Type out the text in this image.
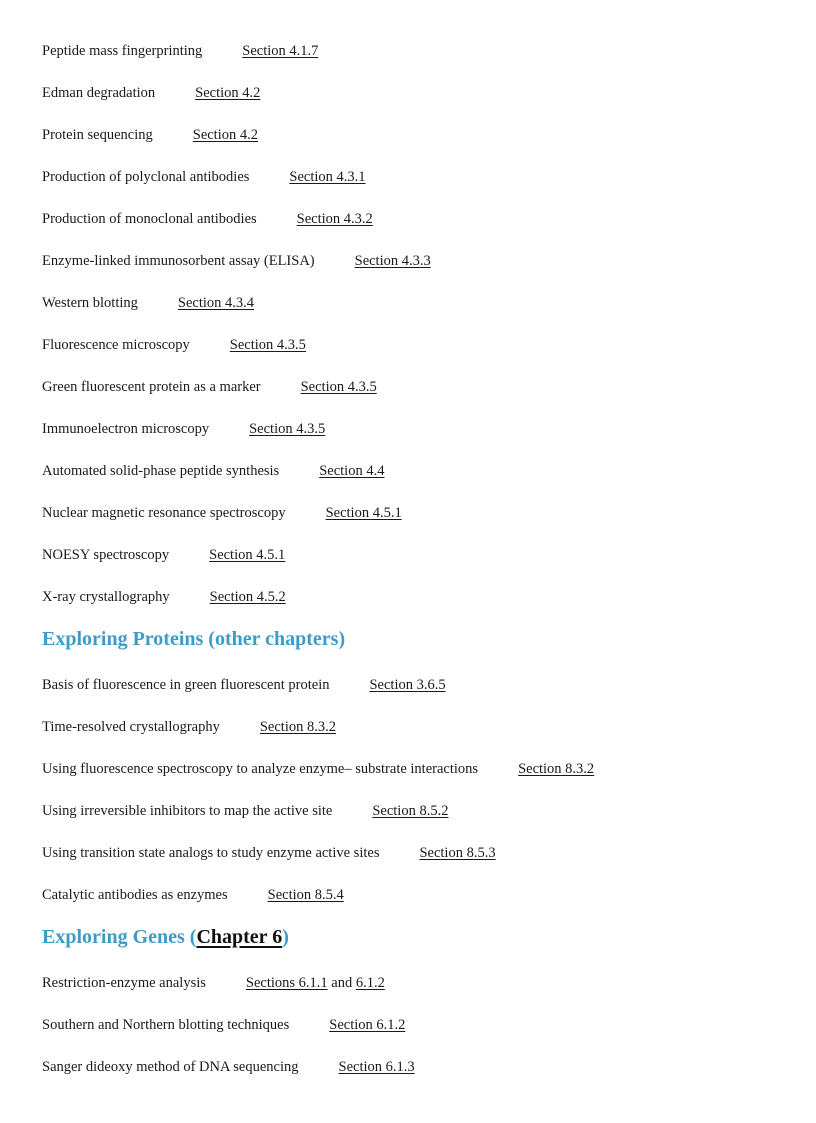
Peptide mass fingerprinting	Section 4.1.7
Edman degradation	Section 4.2
Protein sequencing	Section 4.2
Production of polyclonal antibodies	Section 4.3.1
Production of monoclonal antibodies	Section 4.3.2
Enzyme-linked immunosorbent assay (ELISA)	Section 4.3.3
Western blotting	Section 4.3.4
Fluorescence microscopy	Section 4.3.5
Green fluorescent protein as a marker	Section 4.3.5
Immunoelectron microscopy	Section 4.3.5
Automated solid-phase peptide synthesis	Section 4.4
Nuclear magnetic resonance spectroscopy	Section 4.5.1
NOESY spectroscopy	Section 4.5.1
X-ray crystallography	Section 4.5.2
Exploring Proteins (other chapters)
Basis of fluorescence in green fluorescent protein	Section 3.6.5
Time-resolved crystallography	Section 8.3.2
Using fluorescence spectroscopy to analyze enzyme– substrate interactions	Section 8.3.2
Using irreversible inhibitors to map the active site	Section 8.5.2
Using transition state analogs to study enzyme active sites	Section 8.5.3
Catalytic antibodies as enzymes	Section 8.5.4
Exploring Genes (Chapter 6)
Restriction-enzyme analysis	Sections 6.1.1 and 6.1.2
Southern and Northern blotting techniques	Section 6.1.2
Sanger dideoxy method of DNA sequencing	Section 6.1.3
